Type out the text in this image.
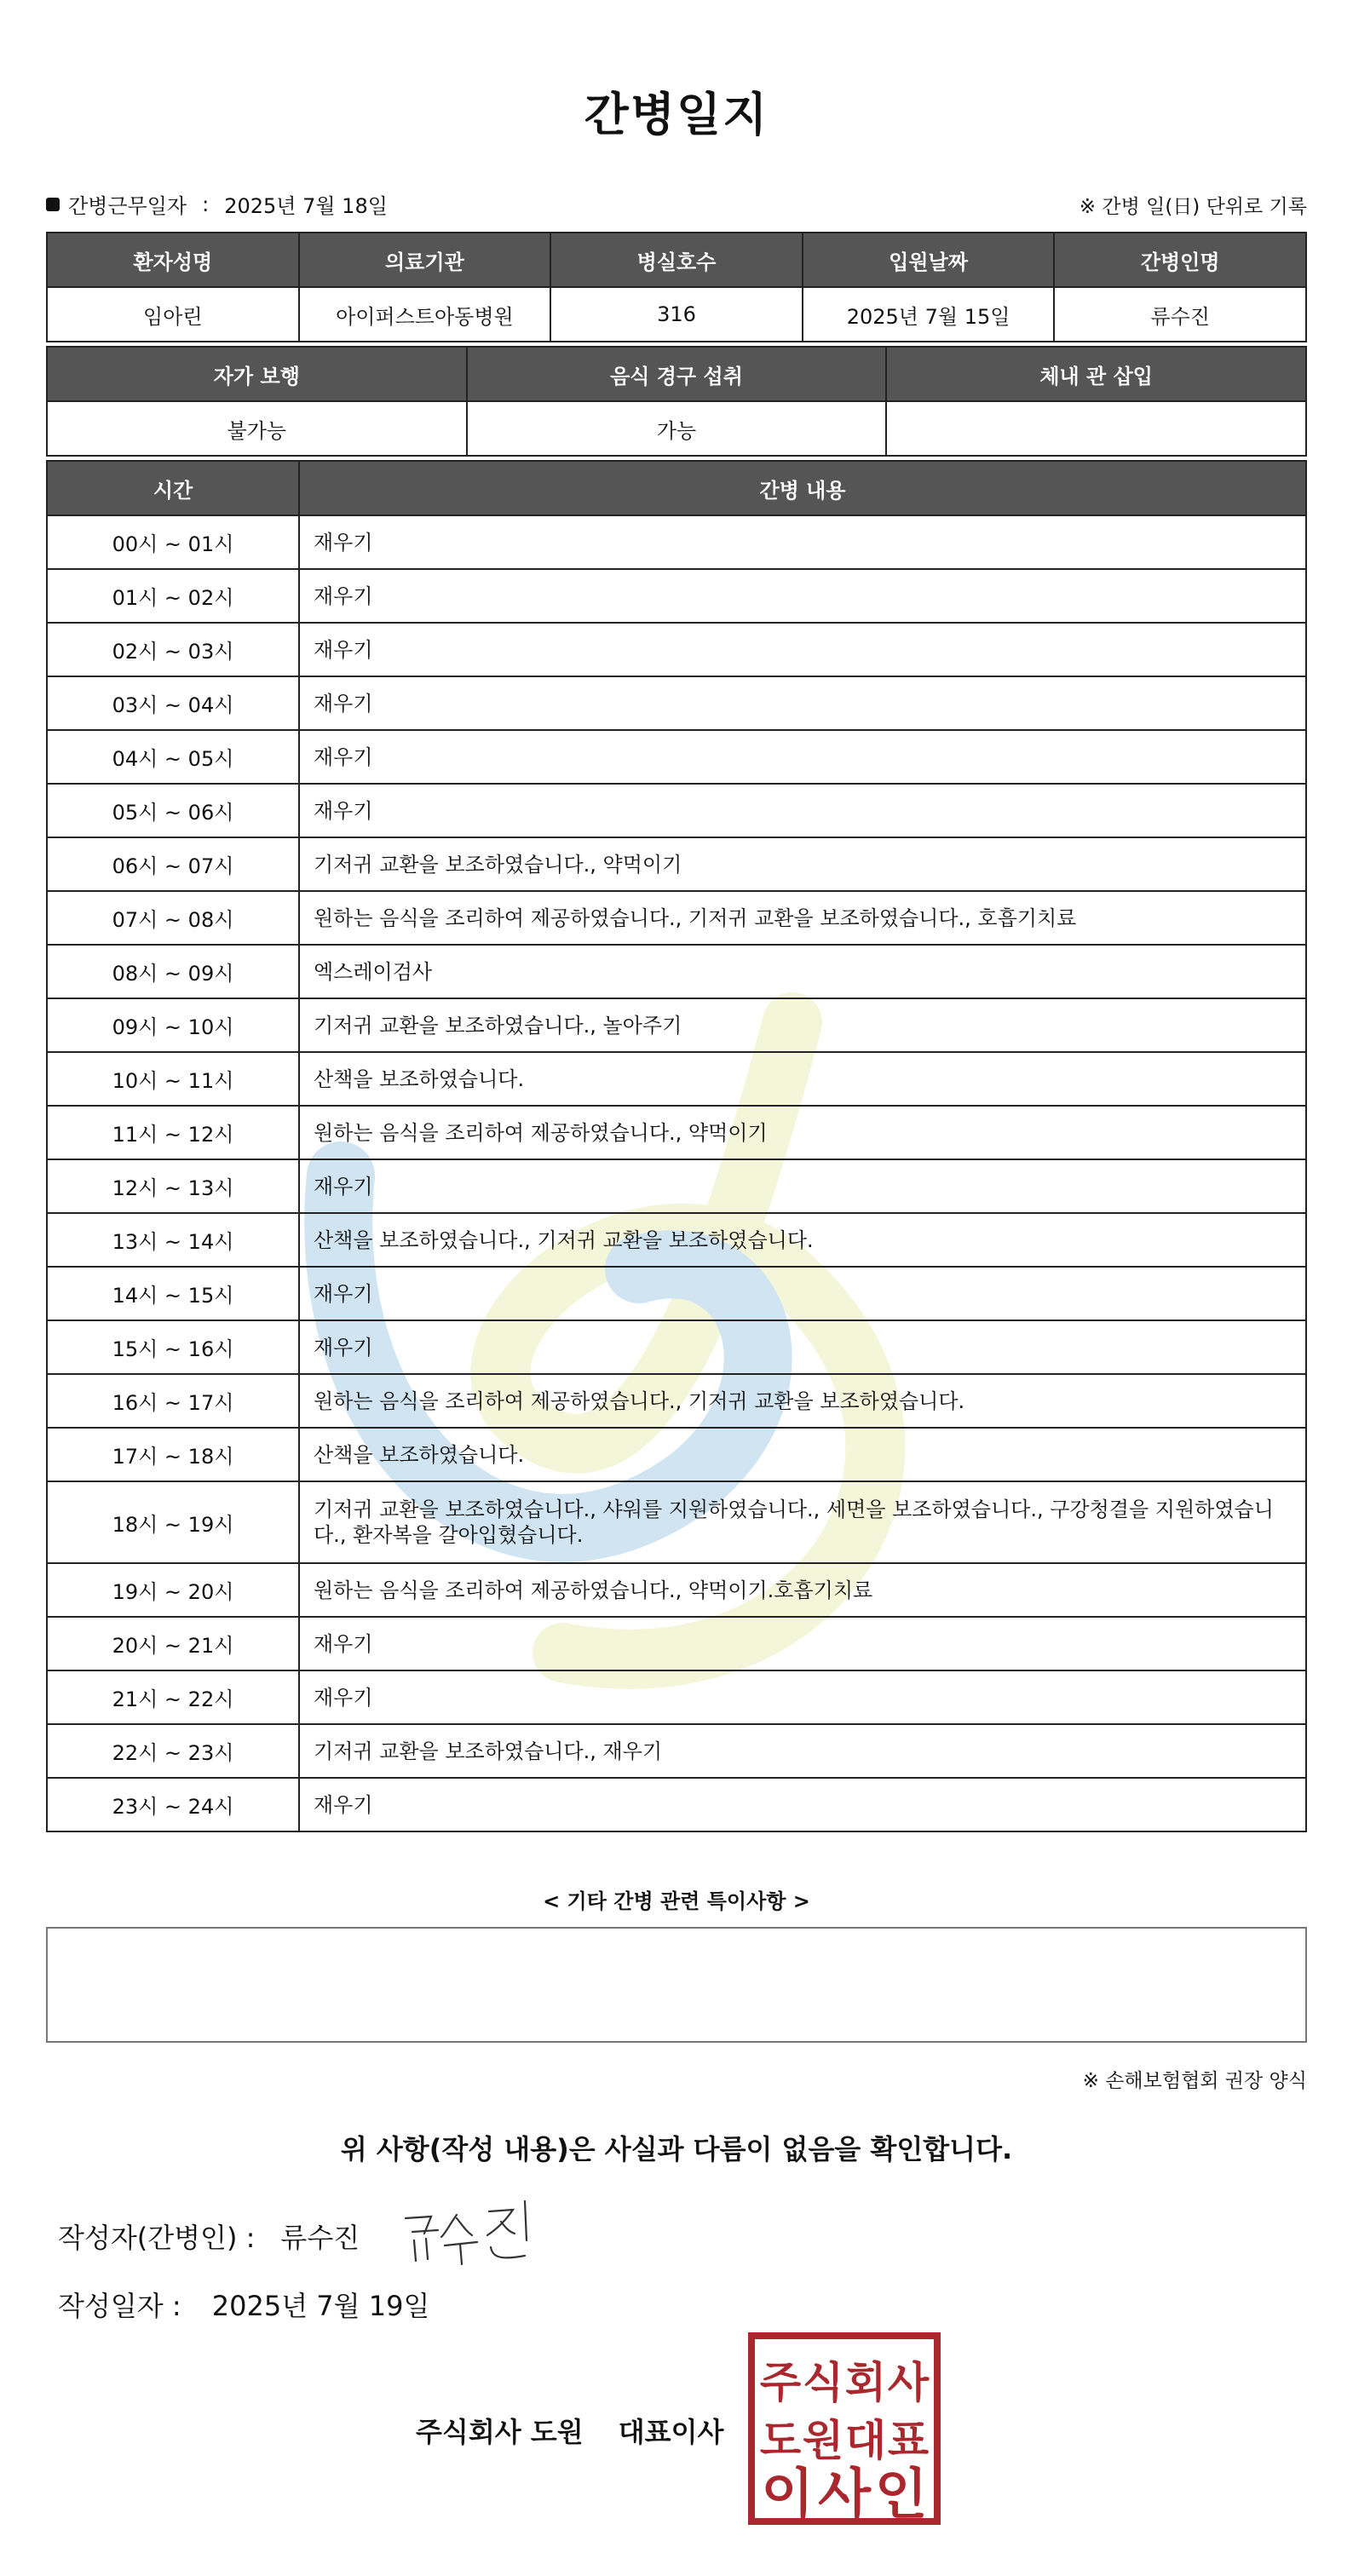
간병일지
간병근무일자 : 2025년 7월 18일	※ 간병 일(日) 단위로 기록
환자성명	의료기관	병실호수	입원날짜	간병인명
임아린	아이퍼스트아동병원	316	2025년 7월 15일	류수진
자가 보행	음식 경구 섭취	체내 관 삽입
불가능	가능	
시간	간병 내용
00시 ~ 01시	재우기
01시 ~ 02시	재우기
02시 ~ 03시	재우기
03시 ~ 04시	재우기
04시 ~ 05시	재우기
05시 ~ 06시	재우기
06시 ~ 07시	기저귀 교환을 보조하였습니다., 약먹이기
07시 ~ 08시	원하는 음식을 조리하여 제공하였습니다., 기저귀 교환을 보조하였습니다., 호흡기치료
08시 ~ 09시	엑스레이검사
09시 ~ 10시	기저귀 교환을 보조하였습니다., 놀아주기
10시 ~ 11시	산책을 보조하였습니다.
11시 ~ 12시	원하는 음식을 조리하여 제공하였습니다., 약먹이기
12시 ~ 13시	재우기
13시 ~ 14시	산책을 보조하였습니다., 기저귀 교환을 보조하였습니다.
14시 ~ 15시	재우기
15시 ~ 16시	재우기
16시 ~ 17시	원하는 음식을 조리하여 제공하였습니다., 기저귀 교환을 보조하였습니다.
17시 ~ 18시	산책을 보조하였습니다.
18시 ~ 19시	기저귀 교환을 보조하였습니다., 샤워를 지원하였습니다., 세면을 보조하였습니다., 구강청결을 지원하였습니다., 환자복을 갈아입혔습니다.
19시 ~ 20시	원하는 음식을 조리하여 제공하였습니다., 약먹이기.호흡기치료
20시 ~ 21시	재우기
21시 ~ 22시	재우기
22시 ~ 23시	기저귀 교환을 보조하였습니다., 재우기
23시 ~ 24시	재우기
< 기타 간병 관련 특이사항 >
※ 손해보험협회 권장 양식
위 사항(작성 내용)은 사실과 다름이 없음을 확인합니다.
작성자(간병인) : 류수진
작성일자 : 2025년 7월 19일
주식회사 도원 대표이사
주 식 회 사
도 원 대 표
이 사 인
